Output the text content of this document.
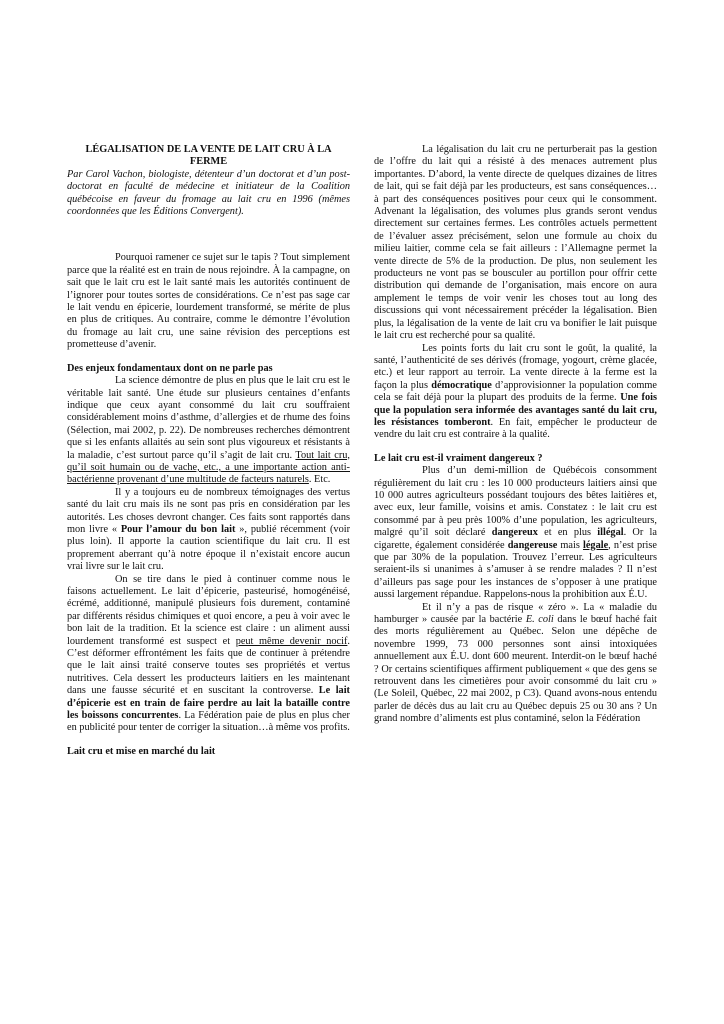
LÉGALISATION DE LA VENTE DE LAIT CRU À LA FERME

Par Carol Vachon, biologiste, détenteur d’un doctorat et d’un post-doctorat en faculté de médecine et initiateur de la Coalition québécoise en faveur du fromage au lait cru en 1996 (mêmes coordonnées que les Éditions Convergent).

Pourquoi ramener ce sujet sur le tapis ? Tout simplement parce que la réalité est en train de nous rejoindre. À la campagne, on sait que le lait cru est le lait santé mais les autorités continuent de l’ignorer pour toutes sortes de considérations. Ce n’est pas sage car le lait vendu en épicerie, lourdement transformé, se mérite de plus en plus de critiques. Au contraire, comme le démontre l’évolution du fromage au lait cru, une saine révision des perceptions est prometteuse d’avenir.

Des enjeux fondamentaux dont on ne parle pas

La science démontre de plus en plus que le lait cru est le véritable lait santé. Une étude sur plusieurs centaines d’enfants indique que ceux ayant consommé du lait cru souffraient considérablement moins d’asthme, d’allergies et de rhume des foins (Sélection, mai 2002, p. 22). De nombreuses recherches démontrent que si les enfants allaités au sein sont plus vigoureux et résistants à la maladie, c’est surtout parce qu’il s’agit de lait cru. Tout lait cru, qu’il soit humain ou de vache, etc., a une importante action anti-bactérienne provenant d’une multitude de facteurs naturels. Etc.

Il y a toujours eu de nombreux témoignages des vertus santé du lait cru mais ils ne sont pas pris en considération par les autorités. Les choses devront changer. Ces faits sont rapportés dans mon livre « Pour l’amour du bon lait », publié récemment (voir plus loin). Il apporte la caution scientifique du lait cru. Il est proprement aberrant qu’à notre époque il n’existait encore aucun vrai livre sur le lait cru.

On se tire dans le pied à continuer comme nous le faisons actuellement. Le lait d’épicerie, pasteurisé, homogénéisé, écrémé, additionné, manipulé plusieurs fois durement, contaminé par différents résidus chimiques et quoi encore, a peu à voir avec le bon lait de la tradition. Et la science est claire : un aliment aussi lourdement transformé est suspect et peut même devenir nocif. C’est déformer effrontément les faits que de continuer à prétendre que le lait ainsi traité conserve toutes ses propriétés et vertus nutritives. Cela dessert les producteurs laitiers en les maintenant dans une fausse sécurité et en suscitant la controverse. Le lait d’épicerie est en train de faire perdre au lait la bataille contre les boissons concurrentes. La Fédération paie de plus en plus cher en publicité pour tenter de corriger la situation…à même vos profits.

Lait cru et mise en marché du lait

La légalisation du lait cru ne perturberait pas la gestion de l’offre du lait qui a résisté à des menaces autrement plus importantes. D’abord, la vente directe de quelques dizaines de litres de lait, qui se fait déjà par les producteurs, est sans conséquences… à part des conséquences positives pour ceux qui le consomment. Advenant la légalisation, des volumes plus grands seront vendus directement sur certaines fermes. Les contrôles actuels permettent de l’évaluer assez précisément, selon une formule au choix du milieu laitier, comme cela se fait ailleurs : l’Allemagne permet la vente directe de 5% de la production. De plus, non seulement les producteurs ne vont pas se bousculer au portillon pour offrir cette distribution qui demande de l’organisation, mais encore on aura amplement le temps de voir venir les choses tout au long des discussions qui vont nécessairement précéder la légalisation. Bien plus, la légalisation de la vente de lait cru va bonifier le lait puisque le lait cru est recherché pour sa qualité.

Les points forts du lait cru sont le goût, la qualité, la santé, l’authenticité de ses dérivés (fromage, yogourt, crème glacée, etc.) et leur rapport au terroir. La vente directe à la ferme est la façon la plus démocratique d’approvisionner la population comme cela se fait déjà pour la plupart des produits de la ferme. Une fois que la population sera informée des avantages santé du lait cru, les résistances tomberont. En fait, empêcher le producteur de vendre du lait cru est contraire à la qualité.

Le lait cru est-il vraiment dangereux ?

Plus d’un demi-million de Québécois consomment régulièrement du lait cru : les 10 000 producteurs laitiers ainsi que 10 000 autres agriculteurs possédant toujours des bêtes laitières et, avec eux, leur famille, voisins et amis. Constatez : le lait cru est consommé par à peu près 100% d’une population, les agriculteurs, malgré qu’il soit déclaré dangereux et en plus illégal. Or la cigarette, également considérée dangereuse mais légale, n’est prise que par 30% de la population. Trouvez l’erreur. Les agriculteurs seraient-ils si unanimes à s’amuser à se rendre malades ? Il n’est d’ailleurs pas sage pour les instances de s’opposer à une pratique aussi largement répandue. Rappelons-nous la prohibition aux É.U.

Et il n’y a pas de risque « zéro ». La « maladie du hamburger » causée par la bactérie E. coli dans le bœuf haché fait des morts régulièrement au Québec. Selon une dépêche de novembre 1999, 73 000 personnes sont ainsi intoxiquées annuellement aux É.U. dont 600 meurent. Interdit-on le bœuf haché ? Or certains scientifiques affirment publiquement « que des gens se retrouvent dans les cimetières pour avoir consommé du lait cru » (Le Soleil, Québec, 22 mai 2002, p C3). Quand avons-nous entendu parler de décès dus au lait cru au Québec depuis 25 ou 30 ans ? Un grand nombre d’aliments est plus contaminé, selon la Fédération
